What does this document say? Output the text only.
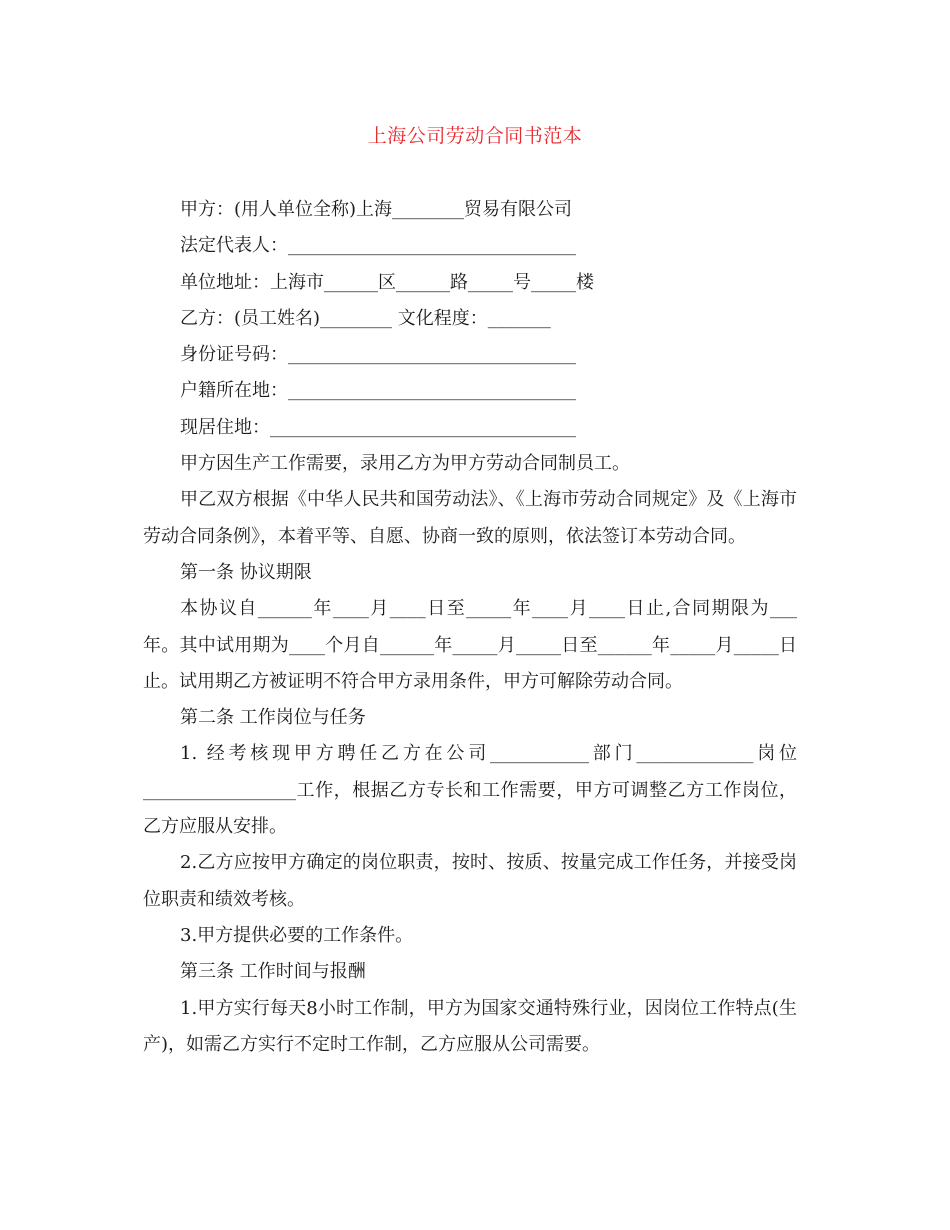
上海公司劳动合同书范本

甲方：(用人单位全称)上海________贸易有限公司

法定代表人：________________________________

单位地址：上海市______区______路_____号_____楼

乙方：(员工姓名)________ 文化程度：_______

身份证号码：________________________________

户籍所在地：________________________________

现居住地：__________________________________

甲方因生产工作需要，录用乙方为甲方劳动合同制员工。

甲乙双方根据《中华人民共和国劳动法》、《上海市劳动合同规定》及《上海市劳动合同条例》，本着平等、自愿、协商一致的原则，依法签订本劳动合同。

第一条 协议期限

本协议自______年____月____日至_____年____月____日止,合同期限为___年。其中试用期为____个月自______年_____月_____日至______年_____月_____日止。试用期乙方被证明不符合甲方录用条件，甲方可解除劳动合同。

第二条 工作岗位与任务

1. 经考核现甲方聘任乙方在公司___________部门_____________岗位_________________工作，根据乙方专长和工作需要，甲方可调整乙方工作岗位，乙方应服从安排。

2.乙方应按甲方确定的岗位职责，按时、按质、按量完成工作任务，并接受岗位职责和绩效考核。

3.甲方提供必要的工作条件。

第三条 工作时间与报酬

1.甲方实行每天8小时工作制，甲方为国家交通特殊行业，因岗位工作特点(生产)，如需乙方实行不定时工作制，乙方应服从公司需要。
